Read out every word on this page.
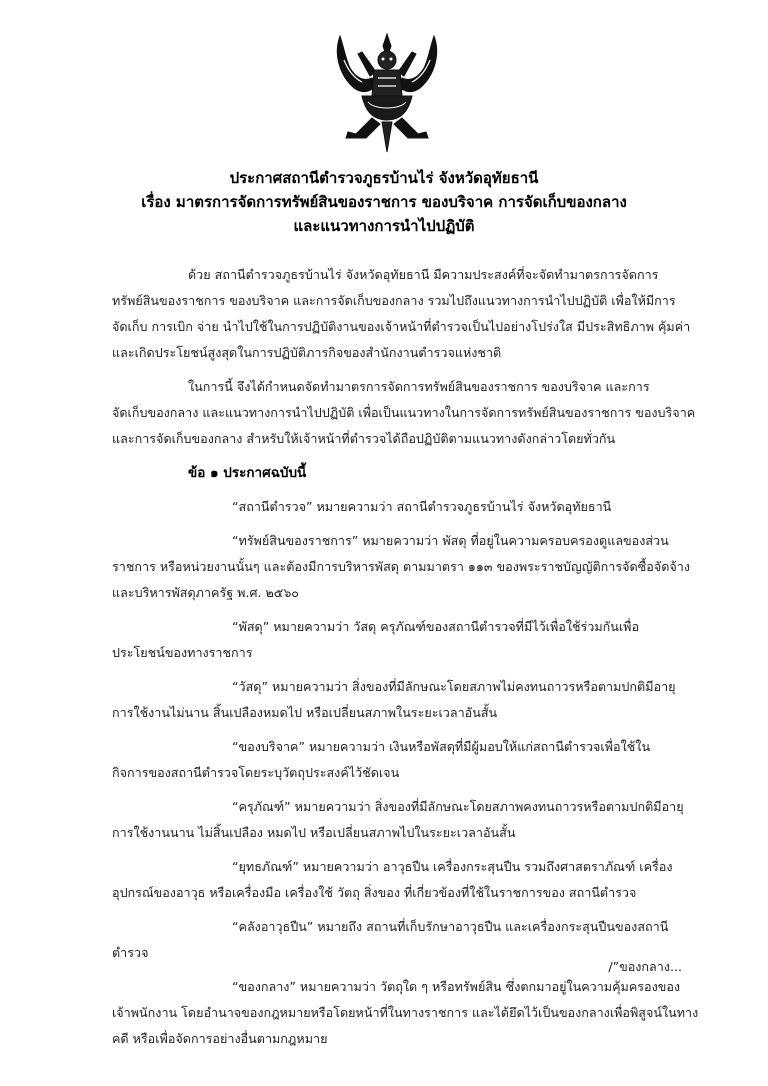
ประกาศสถานีตำรวจภูธรบ้านไร่ จังหวัดอุทัยธานี
เรื่อง มาตรการจัดการทรัพย์สินของราชการ ของบริจาค การจัดเก็บของกลาง
และแนวทางการนำไปปฏิบัติ
ด้วย สถานีตำรวจภูธรบ้านไร่ จังหวัดอุทัยธานี มีความประสงค์ที่จะจัดทำมาตรการจัดการ
ทรัพย์สินของราชการ ของบริจาค และการจัดเก็บของกลาง รวมไปถึงแนวทางการนำไปปฏิบัติ เพื่อให้มีการ
จัดเก็บ การเบิก จ่าย นำไปใช้ในการปฏิบัติงานของเจ้าหน้าที่ตำรวจเป็นไปอย่างโปร่งใส มีประสิทธิภาพ คุ้มค่า
และเกิดประโยชน์สูงสุดในการปฏิบัติภารกิจของสำนักงานตำรวจแห่งชาติ
ในการนี้ จึงได้กำหนดจัดทำมาตรการจัดการทรัพย์สินของราชการ ของบริจาค และการ
จัดเก็บของกลาง และแนวทางการนำไปปฏิบัติ เพื่อเป็นแนวทางในการจัดการทรัพย์สินของราชการ ของบริจาค
และการจัดเก็บของกลาง สำหรับให้เจ้าหน้าที่ตำรวจได้ถือปฏิบัติตามแนวทางดังกล่าวโดยทั่วกัน
ข้อ ๑ ประกาศฉบับนี้
“สถานีตำรวจ” หมายความว่า สถานีตำรวจภูธรบ้านไร่ จังหวัดอุทัยธานี
“ทรัพย์สินของราชการ” หมายความว่า พัสดุ ที่อยู่ในความครอบครองดูแลของส่วน
ราชการ หรือหน่วยงานนั้นๆ และต้องมีการบริหารพัสดุ ตามมาตรา ๑๑๓ ของพระราชบัญญัติการจัดซื้อจัดจ้าง
และบริหารพัสดุภาครัฐ พ.ศ. ๒๕๖๐
“พัสดุ” หมายความว่า วัสดุ ครุภัณฑ์ของสถานีตำรวจที่มีไว้เพื่อใช้ร่วมกันเพื่อ
ประโยชน์ของทางราชการ
“วัสดุ” หมายความว่า สิ่งของที่มีลักษณะโดยสภาพไม่คงทนถาวรหรือตามปกติมีอายุ
การใช้งานไม่นาน สิ้นเปลืองหมดไป หรือเปลี่ยนสภาพในระยะเวลาอันสั้น
“ของบริจาค” หมายความว่า เงินหรือพัสดุที่มีผู้มอบให้แก่สถานีตำรวจเพื่อใช้ใน
กิจการของสถานีตำรวจโดยระบุวัตถุประสงค์ไว้ชัดเจน
“ครุภัณฑ์” หมายความว่า สิ่งของที่มีลักษณะโดยสภาพคงทนถาวรหรือตามปกติมีอายุ
การใช้งานนาน ไม่สิ้นเปลือง หมดไป หรือเปลี่ยนสภาพไปในระยะเวลาอันสั้น
“ยุทธภัณฑ์” หมายความว่า อาวุธปืน เครื่องกระสุนปืน รวมถึงศาสตราภัณฑ์ เครื่อง
อุปกรณ์ของอาวุธ หรือเครื่องมือ เครื่องใช้ วัตถุ สิ่งของ ที่เกี่ยวข้องที่ใช้ในราชการของ สถานีตำรวจ
“คลังอาวุธปืน” หมายถึง สถานที่เก็บรักษาอาวุธปืน และเครื่องกระสุนปืนของสถานี
ตำรวจ
“ของกลาง” หมายความว่า วัตถุใด ๆ หรือทรัพย์สิน ซึ่งตกมาอยู่ในความคุ้มครองของ
เจ้าพนักงาน โดยอำนาจของกฎหมายหรือโดยหน้าที่ในทางราชการ และได้ยึดไว้เป็นของกลางเพื่อพิสูจน์ในทาง
คดี หรือเพื่อจัดการอย่างอื่นตามกฎหมาย
/”ของกลาง...
